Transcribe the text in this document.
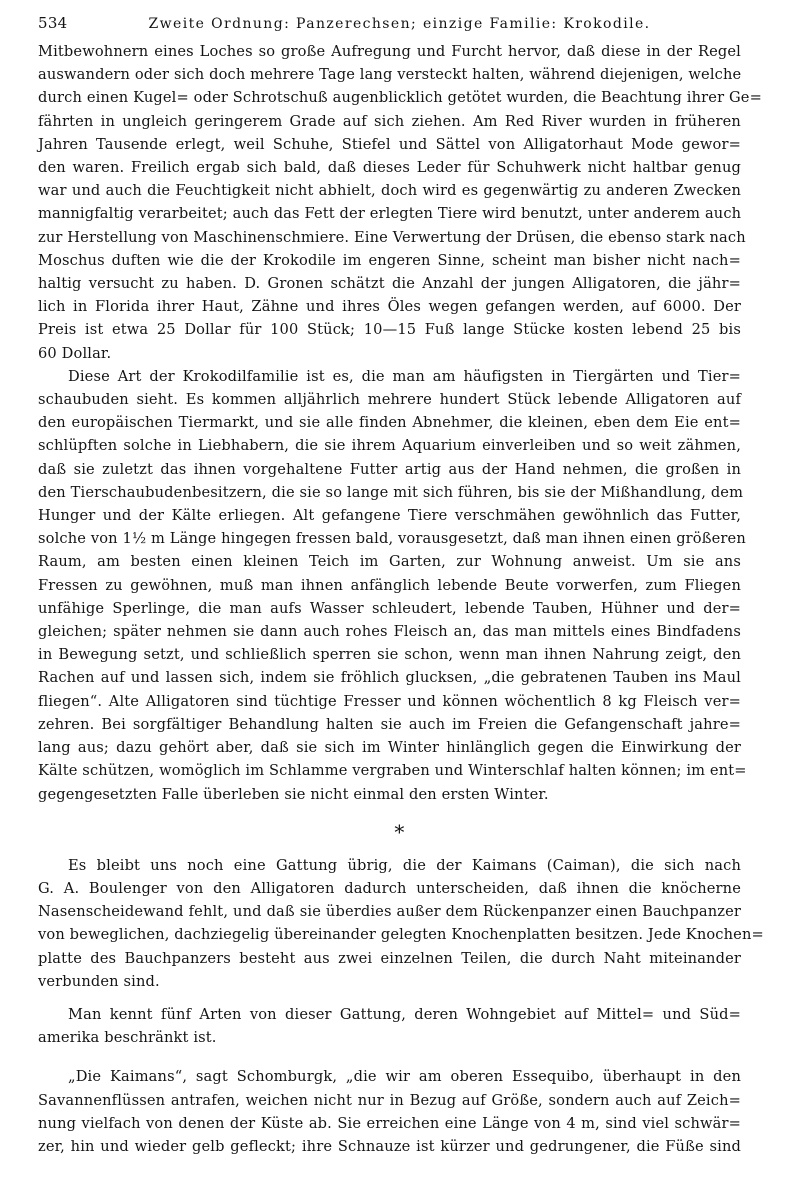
534	Zweite Ordnung: Panzerechsen; einzige Familie: Krokodile.
Mitbewohnern eines Loches so große Aufregung und Furcht hervor, daß diese in der Regel
auswandern oder sich doch mehrere Tage lang versteckt halten, während diejenigen, welche
durch einen Kugel= oder Schrotschuß augenblicklich getötet wurden, die Beachtung ihrer Ge=
fährten in ungleich geringerem Grade auf sich ziehen. Am Red River wurden in früheren
Jahren Tausende erlegt, weil Schuhe, Stiefel und Sättel von Alligatorhaut Mode gewor=
den waren. Freilich ergab sich bald, daß dieses Leder für Schuhwerk nicht haltbar genug
war und auch die Feuchtigkeit nicht abhielt, doch wird es gegenwärtig zu anderen Zwecken
mannigfaltig verarbeitet; auch das Fett der erlegten Tiere wird benutzt, unter anderem auch
zur Herstellung von Maschinenschmiere. Eine Verwertung der Drüsen, die ebenso stark nach
Moschus duften wie die der Krokodile im engeren Sinne, scheint man bisher nicht nach=
haltig versucht zu haben. D. Gronen schätzt die Anzahl der jungen Alligatoren, die jähr=
lich in Florida ihrer Haut, Zähne und ihres Öles wegen gefangen werden, auf 6000. Der
Preis ist etwa 25 Dollar für 100 Stück; 10—15 Fuß lange Stücke kosten lebend 25 bis
60 Dollar.
Diese Art der Krokodilfamilie ist es, die man am häufigsten in Tiergärten und Tier=
schaubuden sieht. Es kommen alljährlich mehrere hundert Stück lebende Alligatoren auf
den europäischen Tiermarkt, und sie alle finden Abnehmer, die kleinen, eben dem Eie ent=
schlüpften solche in Liebhabern, die sie ihrem Aquarium einverleiben und so weit zähmen,
daß sie zuletzt das ihnen vorgehaltene Futter artig aus der Hand nehmen, die großen in
den Tierschaubudenbesitzern, die sie so lange mit sich führen, bis sie der Mißhandlung, dem
Hunger und der Kälte erliegen. Alt gefangene Tiere verschmähen gewöhnlich das Futter,
solche von 1½ m Länge hingegen fressen bald, vorausgesetzt, daß man ihnen einen größeren
Raum, am besten einen kleinen Teich im Garten, zur Wohnung anweist. Um sie ans
Fressen zu gewöhnen, muß man ihnen anfänglich lebende Beute vorwerfen, zum Fliegen
unfähige Sperlinge, die man aufs Wasser schleudert, lebende Tauben, Hühner und der=
gleichen; später nehmen sie dann auch rohes Fleisch an, das man mittels eines Bindfadens
in Bewegung setzt, und schließlich sperren sie schon, wenn man ihnen Nahrung zeigt, den
Rachen auf und lassen sich, indem sie fröhlich glucksen, „die gebratenen Tauben ins Maul
fliegen“. Alte Alligatoren sind tüchtige Fresser und können wöchentlich 8 kg Fleisch ver=
zehren. Bei sorgfältiger Behandlung halten sie auch im Freien die Gefangenschaft jahre=
lang aus; dazu gehört aber, daß sie sich im Winter hinlänglich gegen die Einwirkung der
Kälte schützen, womöglich im Schlamme vergraben und Winterschlaf halten können; im ent=
gegengesetzten Falle überleben sie nicht einmal den ersten Winter.
*
Es bleibt uns noch eine Gattung übrig, die der Kaimans (Caiman), die sich nach
G. A. Boulenger von den Alligatoren dadurch unterscheiden, daß ihnen die knöcherne
Nasenscheidewand fehlt, und daß sie überdies außer dem Rückenpanzer einen Bauchpanzer
von beweglichen, dachziegelig übereinander gelegten Knochenplatten besitzen. Jede Knochen=
platte des Bauchpanzers besteht aus zwei einzelnen Teilen, die durch Naht miteinander
verbunden sind.
Man kennt fünf Arten von dieser Gattung, deren Wohngebiet auf Mittel= und Süd=
amerika beschränkt ist.
„Die Kaimans“, sagt Schomburgk, „die wir am oberen Essequibo, überhaupt in den
Savannenflüssen antrafen, weichen nicht nur in Bezug auf Größe, sondern auch auf Zeich=
nung vielfach von denen der Küste ab. Sie erreichen eine Länge von 4 m, sind viel schwär=
zer, hin und wieder gelb gefleckt; ihre Schnauze ist kürzer und gedrungener, die Füße sind
